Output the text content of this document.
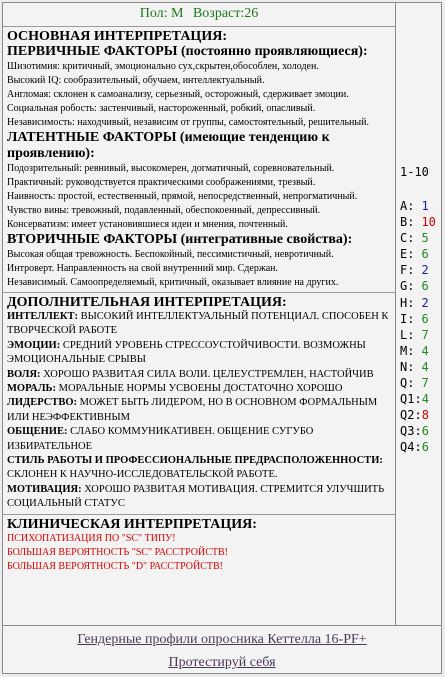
Пол: М Возраст:26

ОСНОВНАЯ ИНТЕРПРЕТАЦИЯ:

ПЕРВИЧНЫЕ ФАКТОРЫ (постоянно проявляющиеся):

Шизотимия: критичный, эмоционально сух,скрытен,обособлен, холоден.

Высокий IQ: сообразительный, обучаем, интеллектуальный.

Англомая: склонен к самоанализу, серьезный, осторожный, сдерживает эмоции.

Социальная робость: застенчивый, настороженный, робкий, опасливый.

Независимость: находчивый, независим от группы, самостоятельный, решительный.

ЛАТЕНТНЫЕ ФАКТОРЫ (имеющие тенденцию к проявлению):

Подозрительный: ревнивый, высокомерен, догматичный, соревновательный.

Практичный: руководствуется практическими соображениями, трезвый.

Наивность: простой, естественный, прямой, непосредственный, непрогматичный.

Чувство вины: тревожный, подавленный, обеспокоенный, депрессивный.

Консерватизм: имеет установившиеся идеи и мнения, почтенный.

ВТОРИЧНЫЕ ФАКТОРЫ (интегративные свойства):

Высокая общая тревожность. Беспокойный, пессимистичный, невротичный.

Интроверт. Направленность на свой внутренний мир. Сдержан.

Независимый. Самоопределяемый, критичный, оказывает влияние на других.

ДОПОЛНИТЕЛЬНАЯ ИНТЕРПРЕТАЦИЯ:

ИНТЕЛЛЕКТ: ВЫСОКИЙ ИНТЕЛЛЕКТУАЛЬНЫЙ ПОТЕНЦИАЛ. СПОСОБЕН К ТВОРЧЕСКОЙ РАБОТЕ

ЭМОЦИИ: СРЕДНИЙ УРОВЕНЬ СТРЕССОУСТОЙЧИВОСТИ. ВОЗМОЖНЫ ЭМОЦИОНАЛЬНЫЕ СРЫВЫ

ВОЛЯ: ХОРОШО РАЗВИТАЯ СИЛА ВОЛИ. ЦЕЛЕУСТРЕМЛЕН, НАСТОЙЧИВ

МОРАЛЬ: МОРАЛЬНЫЕ НОРМЫ УСВОЕНЫ ДОСТАТОЧНО ХОРОШО

ЛИДЕРСТВО: МОЖЕТ БЫТЬ ЛИДЕРОМ, НО В ОСНОВНОМ ФОРМАЛЬНЫМ ИЛИ НЕЭФФЕКТИВНЫМ

ОБЩЕНИЕ: СЛАБО КОММУНИКАТИВЕН. ОБЩЕНИЕ СУГУБО ИЗБИРАТЕЛЬНОЕ

СТИЛЬ РАБОТЫ И ПРОФЕССИОНАЛЬНЫЕ ПРЕДРАСПОЛОЖЕННОСТИ: СКЛОНЕН К НАУЧНО-ИССЛЕДОВАТЕЛЬСКОЙ РАБОТЕ.

МОТИВАЦИЯ: ХОРОШО РАЗВИТАЯ МОТИВАЦИЯ. СТРЕМИТСЯ УЛУЧШИТЬ СОЦИАЛЬНЫЙ СТАТУС

КЛИНИЧЕСКАЯ ИНТЕРПРЕТАЦИЯ:

ПСИХОПАТИЗАЦИЯ ПО "SC" ТИПУ!

БОЛЬШАЯ ВЕРОЯТНОСТЬ "SC" РАССТРОЙСТВ!

БОЛЬШАЯ ВЕРОЯТНОСТЬ "D" РАССТРОЙСТВ!

1-10
A: 1
B: 10
C: 5
E: 6
F: 2
G: 6
H: 2
I: 6
L: 7
M: 4
N: 4
Q: 7
Q1:4
Q2:8
Q3:6
Q4:6
Гендерные профили опросника Кеттелла 16-PF+
Протестируй себя
